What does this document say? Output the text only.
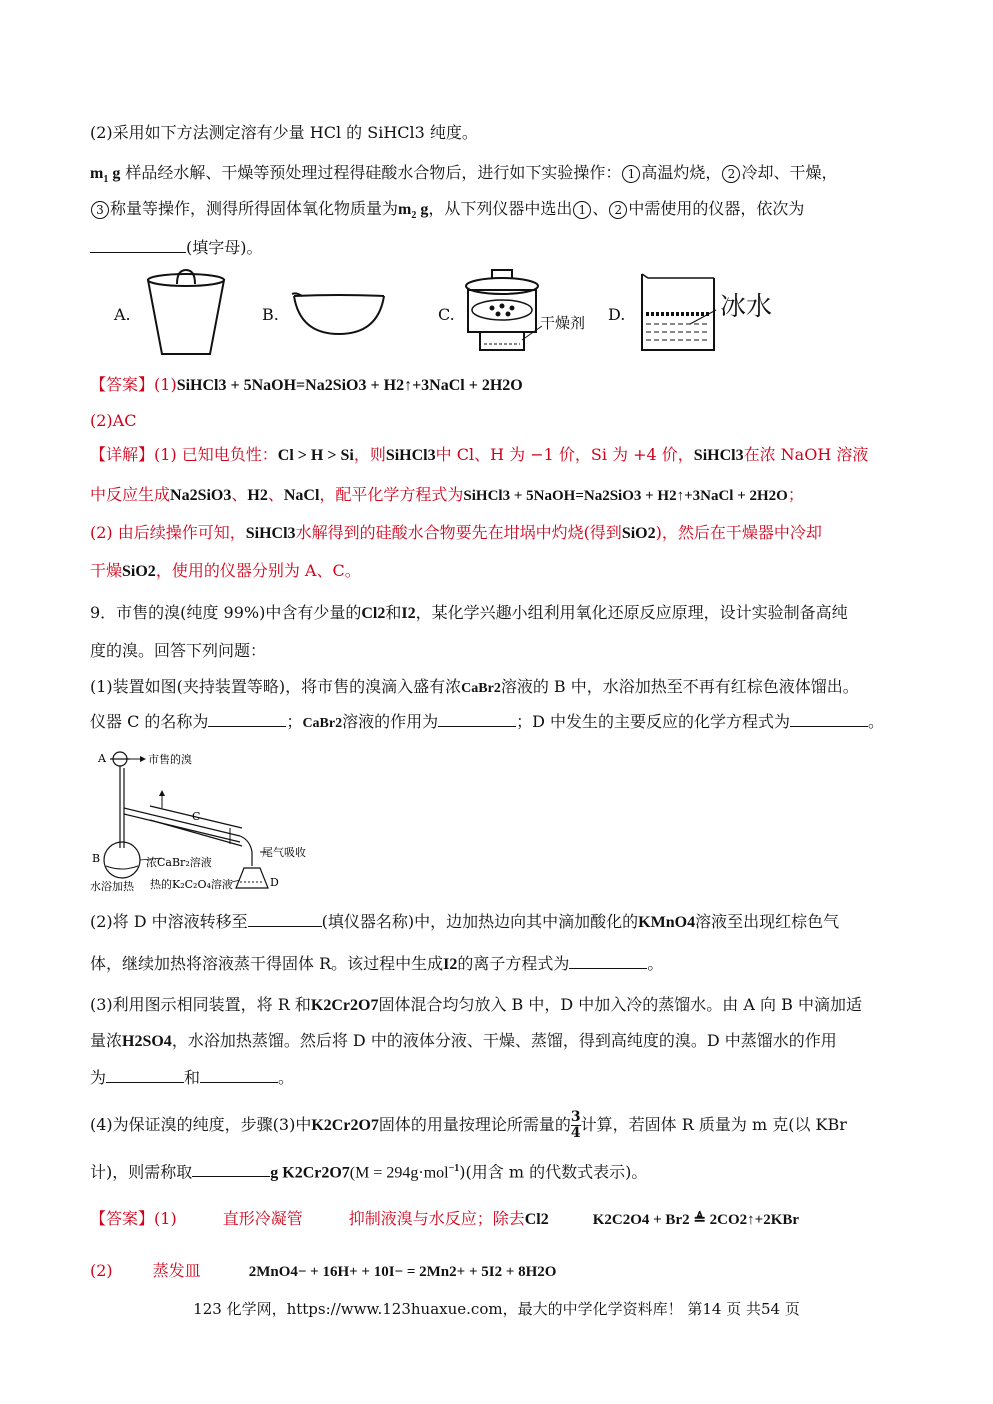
(2)采用如下方法测定溶有少量 HCl 的 SiHCl3 纯度。
$m_1$ g 样品经水解、干燥等预处理过程得硅酸水合物后，进行如下实验操作： 1 高温灼烧， 2 冷却、干燥，
3 称量等操作，测得所得固体氧化物质量为$m_2$ g，从下列仪器中选出 1 、 2 中需使用的仪器，依次为
(填字母)。
A.	B.	C.	干燥剂 D.	冰水
【答案】(1)SiHCl3 + 5NaOH=Na2SiO3 + H2↑+3NaCl + 2H2O
(2)AC
【详解】(1) 已知电负性：Cl > H > Si，则SiHCl3中 Cl、H 为 −1 价，Si 为 +4 价，SiHCl3在浓 NaOH 溶液
中反应生成Na2SiO3、H2、NaCl，配平化学方程式为SiHCl3 + 5NaOH=Na2SiO3 + H2↑+3NaCl + 2H2O；
(2) 由后续操作可知，SiHCl3水解得到的硅酸水合物要先在坩埚中灼烧(得到SiO2)，然后在干燥器中冷却
干燥SiO2，使用的仪器分别为 A、C。
9．市售的溴(纯度 99%)中含有少量的Cl2和I2，某化学兴趣小组利用氧化还原反应原理，设计实验制备高纯
度的溴。回答下列问题：
(1)装置如图(夹持装置等略)，将市售的溴滴入盛有浓CaBr2溶液的 B 中，水浴加热至不再有红棕色液体馏出。
仪器 C 的名称为	；CaBr2溶液的作用为	；D 中发生的主要反应的化学方程式为	。
A	市售的溴
C
B	浓CaBr₂溶液
尾气吸收
水浴加热 热的K₂C₂O₄溶液	D
(2)将 D 中溶液转移至	(填仪器名称)中，边加热边向其中滴加酸化的KMnO4溶液至出现红棕色气
体，继续加热将溶液蒸干得固体 R。该过程中生成I2的离子方程式为	。
(3)利用图示相同装置，将 R 和K2Cr2O7固体混合均匀放入 B 中，D 中加入冷的蒸馏水。由 A 向 B 中滴加适
量浓H2SO4，水浴加热蒸馏。然后将 D 中的液体分液、干燥、蒸馏，得到高纯度的溴。D 中蒸馏水的作用
为	和	。
(4)为保证溴的纯度，步骤(3)中K2Cr2O7固体的用量按理论所需量的 $\frac{3}{4}$ 计算，若固体 R 质量为 m 克(以 KBr
计)，则需称取	g K2Cr2O7(M = 294g·mol$^{-1}$)(用含 m 的代数式表示)。
【答案】(1)	直形冷凝管	抑制液溴与水反应；除去Cl2	K2C2O4 + Br2 ≜ 2CO2↑+2KBr
(2)	蒸发皿	2MnO4− + 16H+ + 10I− = 2Mn2+ + 5I2 + 8H2O
123 化学网，https://www.123huaxue.com，最大的中学化学资料库！ 第14 页 共54 页
